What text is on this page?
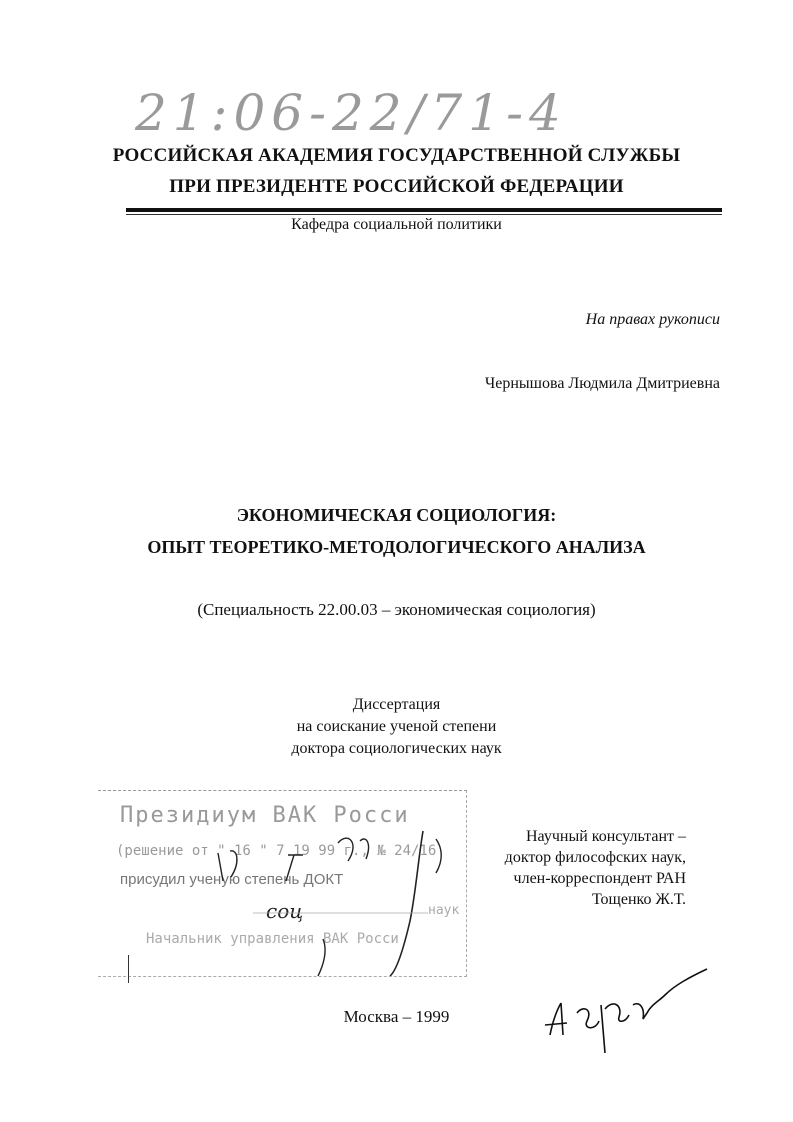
21:06-22/71-4
РОССИЙСКАЯ АКАДЕМИЯ ГОСУДАРСТВЕННОЙ СЛУЖБЫ
ПРИ ПРЕЗИДЕНТЕ РОССИЙСКОЙ ФЕДЕРАЦИИ
Кафедра социальной политики
На правах рукописи
Чернышова Людмила Дмитриевна
ЭКОНОМИЧЕСКАЯ СОЦИОЛОГИЯ:
ОПЫТ ТЕОРЕТИКО-МЕТОДОЛОГИЧЕСКОГО АНАЛИЗА
(Специальность 22.00.03 – экономическая социология)
Диссертация
на соискание ученой степени
доктора социологических наук
Научный консультант –
доктор философских наук,
член-корреспондент РАН
Тощенко Ж.Т.
Президиум ВАК Росси
(решение от " 16 " 7 19 99 г., № 24/16
присудил ученую степень ДОКТ
соц	наук
Начальник управления ВАК Росси
Москва – 1999
